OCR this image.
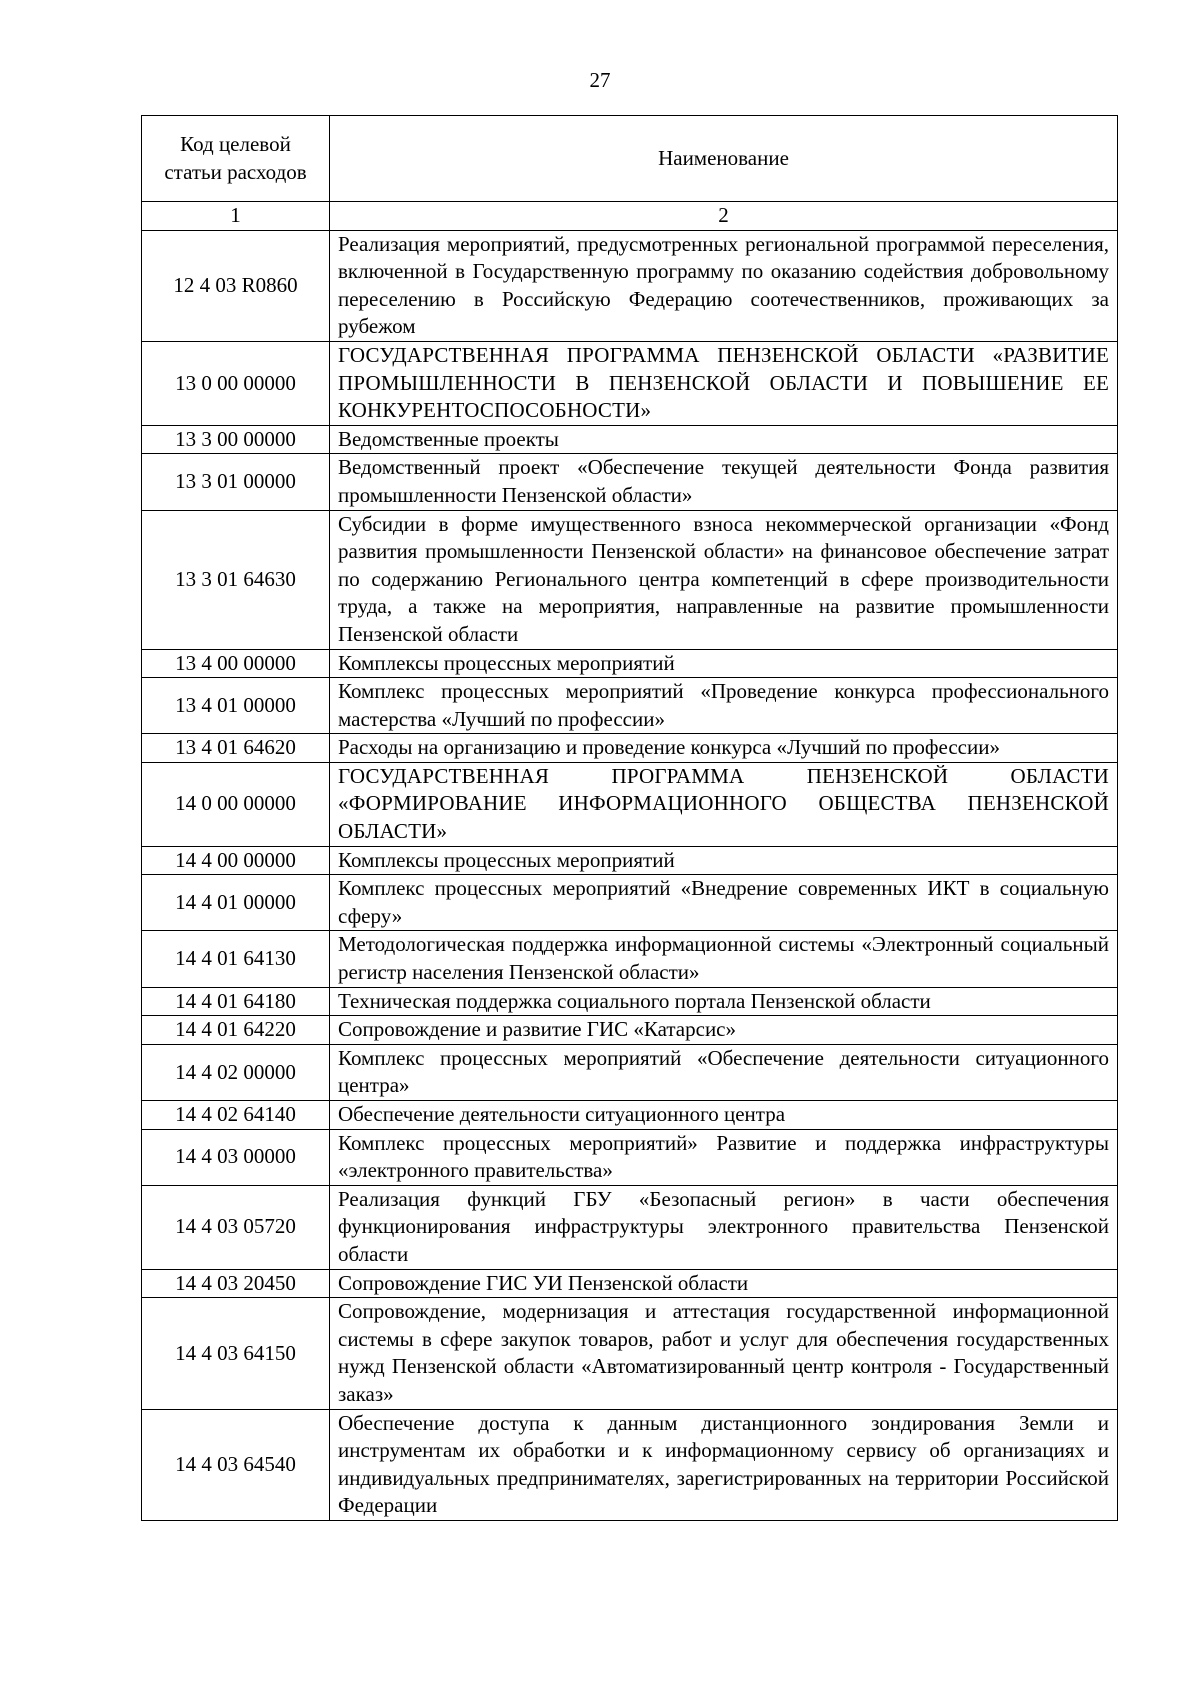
27
Код целевой статьи расходов	Наименование
1	2
12 4 03 R0860	Реализация мероприятий, предусмотренных региональной программой переселения, включенной в Государственную программу по оказанию содействия добровольному переселению в Российскую Федерацию соотечественников, проживающих за рубежом
13 0 00 00000	ГОСУДАРСТВЕННАЯ ПРОГРАММА ПЕНЗЕНСКОЙ ОБЛАСТИ «РАЗВИТИЕ ПРОМЫШЛЕННОСТИ В ПЕНЗЕНСКОЙ ОБЛАСТИ И ПОВЫШЕНИЕ ЕЕ КОНКУРЕНТОСПОСОБНОСТИ»
13 3 00 00000	Ведомственные проекты
13 3 01 00000	Ведомственный проект «Обеспечение текущей деятельности Фонда развития промышленности Пензенской области»
13 3 01 64630	Субсидии в форме имущественного взноса некоммерческой организации «Фонд развития промышленности Пензенской области» на финансовое обеспечение затрат по содержанию Регионального центра компетенций в сфере производительности труда, а также на мероприятия, направленные на развитие промышленности Пензенской области
13 4 00 00000	Комплексы процессных мероприятий
13 4 01 00000	Комплекс процессных мероприятий «Проведение конкурса профессионального мастерства «Лучший по профессии»
13 4 01 64620	Расходы на организацию и проведение конкурса «Лучший по профессии»
14 0 00 00000	ГОСУДАРСТВЕННАЯ ПРОГРАММА ПЕНЗЕНСКОЙ ОБЛАСТИ «ФОРМИРОВАНИЕ ИНФОРМАЦИОННОГО ОБЩЕСТВА ПЕНЗЕНСКОЙ ОБЛАСТИ»
14 4 00 00000	Комплексы процессных мероприятий
14 4 01 00000	Комплекс процессных мероприятий «Внедрение современных ИКТ в социальную сферу»
14 4 01 64130	Методологическая поддержка информационной системы «Электронный социальный регистр населения Пензенской области»
14 4 01 64180	Техническая поддержка социального портала Пензенской области
14 4 01 64220	Сопровождение и развитие ГИС «Катарсис»
14 4 02 00000	Комплекс процессных мероприятий «Обеспечение деятельности ситуационного центра»
14 4 02 64140	Обеспечение деятельности ситуационного центра
14 4 03 00000	Комплекс процессных мероприятий» Развитие и поддержка инфраструктуры «электронного правительства»
14 4 03 05720	Реализация функций ГБУ «Безопасный регион» в части обеспечения функционирования инфраструктуры электронного правительства Пензенской области
14 4 03 20450	Сопровождение ГИС УИ Пензенской области
14 4 03 64150	Сопровождение, модернизация и аттестация государственной информационной системы в сфере закупок товаров, работ и услуг для обеспечения государственных нужд Пензенской области «Автоматизированный центр контроля - Государственный заказ»
14 4 03 64540	Обеспечение доступа к данным дистанционного зондирования Земли и инструментам их обработки и к информационному сервису об организациях и индивидуальных предпринимателях, зарегистрированных на территории Российской Федерации
